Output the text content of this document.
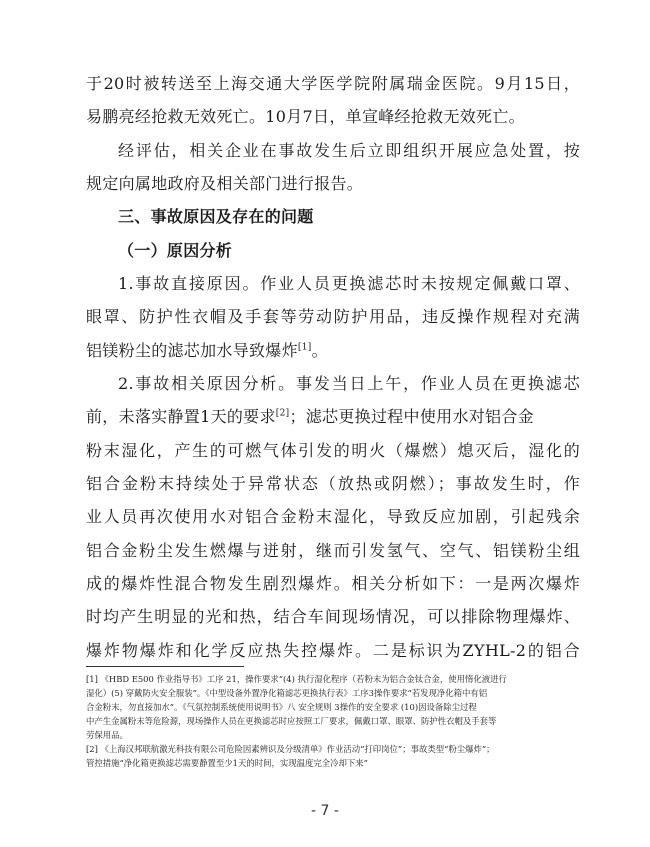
于20时被转送至上海交通大学医学院附属瑞金医院。9月15日，
易鹏亮经抢救无效死亡。10月7日，单宣峰经抢救无效死亡。
经评估，相关企业在事故发生后立即组织开展应急处置，按
规定向属地政府及相关部门进行报告。
三、事故原因及存在的问题
（一）原因分析
1.事故直接原因。作业人员更换滤芯时未按规定佩戴口罩、
眼罩、防护性衣帽及手套等劳动防护用品，违反操作规程对充满
铝镁粉尘的滤芯加水导致爆炸[1]。
2.事故相关原因分析。事发当日上午，作业人员在更换滤芯
前，未落实静置1天的要求[2]；滤芯更换过程中使用水对铝合金
粉末湿化，产生的可燃气体引发的明火（爆燃）熄灭后，湿化的
铝合金粉末持续处于异常状态（放热或阴燃）；事故发生时，作
业人员再次使用水对铝合金粉末湿化，导致反应加剧，引起残余
铝合金粉尘发生燃爆与迸射，继而引发氢气、空气、铝镁粉尘组
成的爆炸性混合物发生剧烈爆炸。相关分析如下：一是两次爆炸
时均产生明显的光和热，结合车间现场情况，可以排除物理爆炸、
爆炸物爆炸和化学反应热失控爆炸。二是标识为ZYHL-2的铝合
[1] 《HBD E500 作业指导书》工序 21，操作要求“(4) 执行湿化程序（若粉末为铝合金钛合金，使用惰化液进行
湿化）(5) 穿戴防火安全服装”。《中型设备外置净化箱滤芯更换执行表》工序3操作要求“若发现净化箱中有铝
合金粉末，勿直接加水”。《气氛控制系统使用说明书》八 安全规则 3操作的安全要求 (10)因设备除尘过程
中产生金属粉末等危险源，现场操作人员在更换滤芯时应按照工厂要求，佩戴口罩、眼罩、防护性衣帽及手套等
劳保用品。
[2] 《上海汉邦联航激光科技有限公司危险因素辨识及分级清单》作业活动“打印岗位”；事故类型“粉尘爆炸”；
管控措施“净化箱更换滤芯需要静置至少1天的时间，实现温度完全冷却下来”
- 7 -
